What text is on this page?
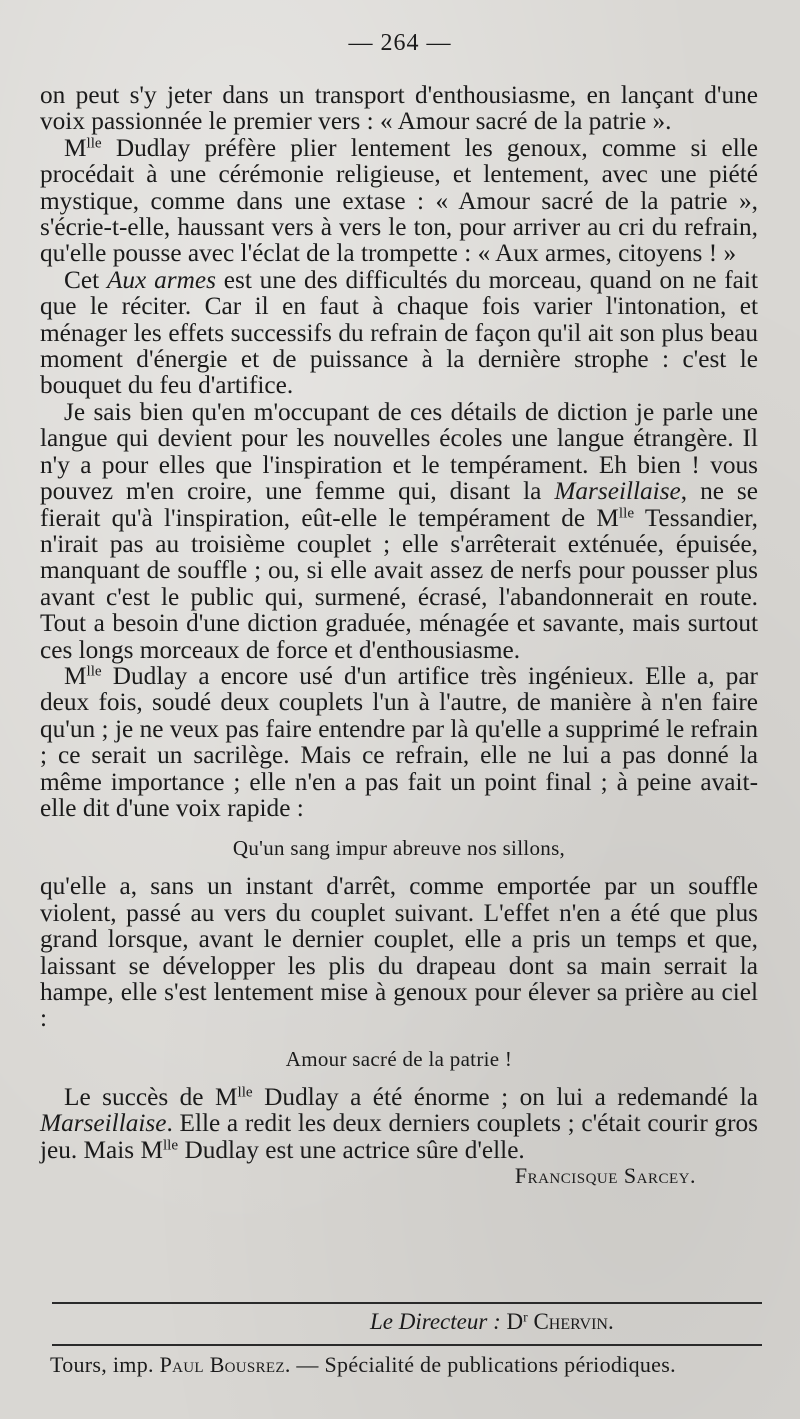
— 264 —

on peut s'y jeter dans un transport d'enthousiasme, en lançant d'une voix passionnée le premier vers : « Amour sacré de la patrie ».

$M^{lle}$ Dudlay préfère plier lentement les genoux, comme si elle procédait à une cérémonie religieuse, et lentement, avec une piété mystique, comme dans une extase : « Amour sacré de la patrie », s'écrie-t-elle, haussant vers à vers le ton, pour arriver au cri du refrain, qu'elle pousse avec l'éclat de la trompette : « Aux armes, citoyens ! »

Cet Aux armes est une des difficultés du morceau, quand on ne fait que le réciter. Car il en faut à chaque fois varier l'intonation, et ménager les effets successifs du refrain de façon qu'il ait son plus beau moment d'énergie et de puissance à la dernière strophe : c'est le bouquet du feu d'artifice.

Je sais bien qu'en m'occupant de ces détails de diction je parle une langue qui devient pour les nouvelles écoles une langue étrangère. Il n'y a pour elles que l'inspiration et le tempérament. Eh bien ! vous pouvez m'en croire, une femme qui, disant la Marseillaise, ne se fierait qu'à l'inspiration, eût-elle le tempérament de $M^{lle}$ Tessandier, n'irait pas au troisième couplet ; elle s'arrêterait exténuée, épuisée, manquant de souffle ; ou, si elle avait assez de nerfs pour pousser plus avant c'est le public qui, surmené, écrasé, l'abandonnerait en route. Tout a besoin d'une diction graduée, ménagée et savante, mais surtout ces longs morceaux de force et d'enthousiasme.

$M^{lle}$ Dudlay a encore usé d'un artifice très ingénieux. Elle a, par deux fois, soudé deux couplets l'un à l'autre, de manière à n'en faire qu'un ; je ne veux pas faire entendre par là qu'elle a supprimé le refrain ; ce serait un sacrilège. Mais ce refrain, elle ne lui a pas donné la même importance ; elle n'en a pas fait un point final ; à peine avait-elle dit d'une voix rapide :

Qu'un sang impur abreuve nos sillons,

qu'elle a, sans un instant d'arrêt, comme emportée par un souffle violent, passé au vers du couplet suivant. L'effet n'en a été que plus grand lorsque, avant le dernier couplet, elle a pris un temps et que, laissant se développer les plis du drapeau dont sa main serrait la hampe, elle s'est lentement mise à genoux pour élever sa prière au ciel :

Amour sacré de la patrie !

Le succès de $M^{lle}$ Dudlay a été énorme ; on lui a redemandé la Marseillaise. Elle a redit les deux derniers couplets ; c'était courir gros jeu. Mais $M^{lle}$ Dudlay est une actrice sûre d'elle.

Francisque Sarcey.
Le Directeur : $D^r$ Chervin.
Tours, imp. Paul Bousrez. — Spécialité de publications périodiques.
